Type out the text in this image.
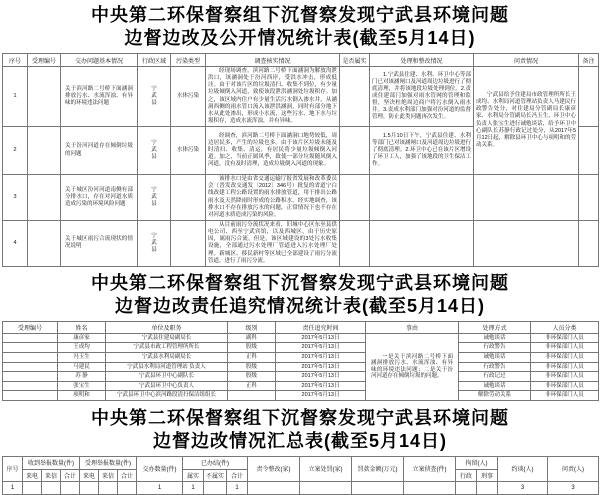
中央第二环保督察组下沉督察发现宁武县环境问题
边督边改及公开情况统计表(截至5月14日)
序号	受理编号	交办问题基本情况	行政区域	污染类型	调查核实情况	是否属实	处理和整改情况	问责情况	备注
1		关于滨河路二号桥下面涵洞排放污水、水流浑浊、有异味的环境违法问题	宁武县	水体污染	经现场调查，滨河路二号桥下面涵洞为解放沟泄洪口，该涵洞处于汾河西岸，受洪水冲击，形成低洼。由于对该片区的垃圾清扫、收集不到位，有少量垃圾倾倒入河道，致使该段泄洪涵洞处垃圾积存。加之，该区域内住户有少量生活污水倒入渗水井，从涵洞西侧的雨水管口流入该泄洪涵洞，同时有部分地下水从此处渗出，形成小水流，这些污水、地下水与垃圾积存，造成水流浑浊，并有异味。		1.宁武县住建、水利、环卫中心等部门已对该涵闸口及河道周边垃圾进行了彻底清理，并将该地段垃圾处理到位。2.责成住建部门加强对雨水管网的管理和监督，坚决杜绝周边商户将污水倒入雨水井。3.责成水利部门加强对汾河道的监督管理，防止此类问题再次发生。	宁武县给予住建局市政管理所所长王成均、水利局河道管理站负责人马建民行政警告处分，对住建局分管副局长康彦家、水利局分管副局长冯玉生、环卫中心负责人张宝生进行诫勉谈话，给予环卫中心副队长苏静行政记过处分，从2017年5月12日起，解除县环卫中心与项明和的劳动关系。	
2		关于汾河河道存在倾倒垃圾的问题	宁武县	水体污染	经调查，滨河路二号桥下面涵洞口地势较低，周边居民多，产生的垃圾也多。由于该片区垃圾未能及时清扫、收集、清运，有居民将少量垃圾倾倒入河道。加之，当前正属风季，致使一部分垃圾随风倒入河道，没有及时清理，造成垃圾倒入河道的现象。		1.5月10日下午，宁武县住建、水利等部门已对该涵闸口及河道周边垃圾进行了彻底清理。2.环卫中心已在该片区增设了环卫工人，加强了该地段的卫生保洁工作。		
3		关于城区汾河河道南侧有部分排水口，存在对河道水质造成污染的环境风险问题	宁武县		该排水口是由省交通运输厅报省发展和改革委员会（晋发改交通发〔2012〕346号）批复的省道宁白线改建工程公路设置的雨水排放管道，用于排出公路雨水及天然降雨时形成的公路积水。经实地调查，该排水口不存在排放污水的问题，正常情况下也不存在对河道水质造成污染的风险。				
4		关于城区雨污合流现状的情况说明	宁武县		从目前雨污分流状况来看，旧城中心区东至县供电公司、西至宁武宾馆，以及西城区，由于历史原因，属雨污合流。但是，该区域建设的3处污水收集设施，全部通过污水处理厂管道进入污水处理厂处理。新城区、移民新村等区域已全部建设了雨污分流管道，进行了雨污分流。				
中央第二环保督察组下沉督察发现宁武县环境问题
边督边改责任追究情况统计表(截至5月14日)
受理编号	姓名	单位及职务	级别	责任追究时间	事由	处理方式	人员分类
	康彦家	宁武县住建局副局长	副科	2017年5月13日	一是关于滨河路二号桥下面涵洞排放污水、水流浑浊、有异味的环境违法问题；二是关于汾河河道存在倾倒垃圾的问题。	诫勉谈话	非环保部门人员
	王成均	宁武县市政工程管理所所长	股级	2017年5月13日		行政警告	非环保部门人员
	冯玉生	宁武县水利局副局长	正科	2017年5月13日		诫勉谈话	非环保部门人员
	马建民	宁武县水利局河道管理站 负责人	股级	2017年5月13日		行政警告	非环保部门人员
	苏 静	宁武县环卫中心副队长	股级	2017年5月13日		行政记过	非环保部门人员
	张宝生	宁武县环卫中心负责人	正科	2017年5月13日		诫勉谈话	非环保部门人员
	项明和	宁武县环卫中心滨河路段清扫保洁组组长		2017年5月13日		解除劳动关系	非环保部门人员
中央第二环保督察组下沉督察发现宁武县环境问题
边督边改情况汇总表(截至5月14日)
序号	收到举报数量(件)			受理举报数量(件)			交办数量(件)	已办结(件)			责令整改(家)	立案处罚(家)	罚款金额(万元)	立案侦查(件)	拘留(人)		约谈(人)	问责(人)
	来电	来信	合计	来电	来信	合计		属实	不属实	合计					行政	刑事		
1							1	1		1							3	3
